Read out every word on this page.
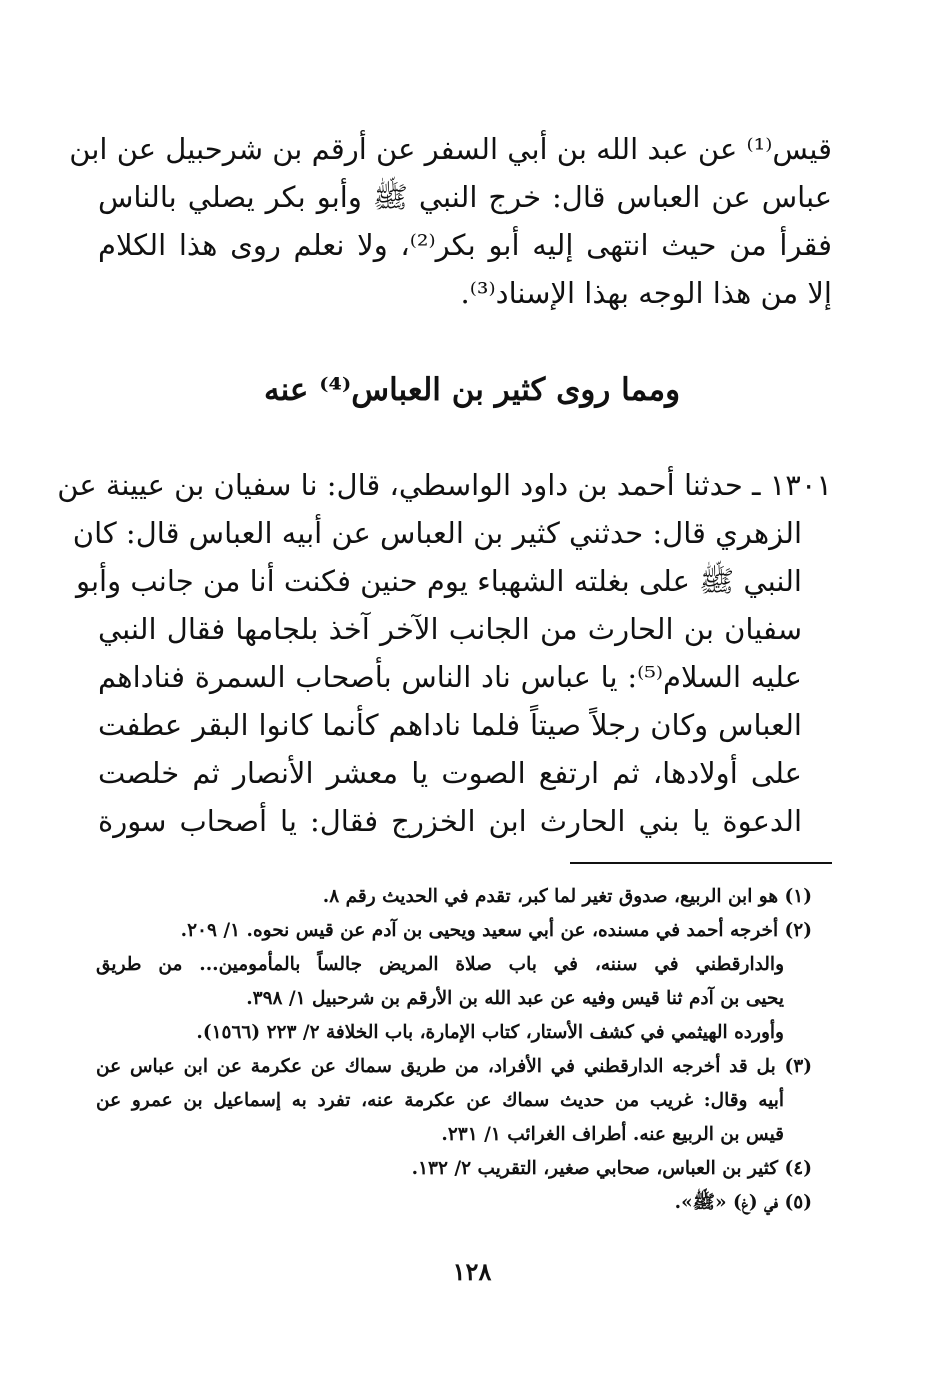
قيس⁽¹⁾ عن عبد الله بن أبي السفر عن أرقم بن شرحبيل عن ابن
عباس عن العباس قال: خرج النبي ﷺ وأبو بكر يصلي بالناس
فقرأ من حيث انتهى إليه أبو بكر⁽²⁾، ولا نعلم روى هذا الكلام
إلا من هذا الوجه بهذا الإسناد⁽³⁾.
ومما روى كثير بن العباس⁽⁴⁾ عنه
١٣٠١ ـ حدثنا أحمد بن داود الواسطي، قال: نا سفيان بن عيينة عن
الزهري قال: حدثني كثير بن العباس عن أبيه العباس قال: كان
النبي ﷺ على بغلته الشهباء يوم حنين فكنت أنا من جانب وأبو
سفيان بن الحارث من الجانب الآخر آخذ بلجامها فقال النبي
عليه السلام⁽⁵⁾: يا عباس ناد الناس بأصحاب السمرة فناداهم
العباس وكان رجلاً صيتاً فلما ناداهم كأنما كانوا البقر عطفت
على أولادها، ثم ارتفع الصوت يا معشر الأنصار ثم خلصت
الدعوة يا بني الحارث ابن الخزرج فقال: يا أصحاب سورة
(١) هو ابن الربيع، صدوق تغير لما كبر، تقدم في الحديث رقم ٨.
(٢) أخرجه أحمد في مسنده، عن أبي سعيد ويحيى بن آدم عن قيس نحوه. ١/ ٢٠٩.
والدارقطني في سننه، في باب صلاة المريض جالساً بالمأمومين... من طريق
يحيى بن آدم ثنا قيس وفيه عن عبد الله بن الأرقم بن شرحبيل ١/ ٣٩٨.
وأورده الهيثمي في كشف الأستار، كتاب الإمارة، باب الخلافة ٢/ ٢٢٣ (١٥٦٦).
(٣) بل قد أخرجه الدارقطني في الأفراد، من طريق سماك عن عكرمة عن ابن عباس عن
أبيه وقال: غريب من حديث سماك عن عكرمة عنه، تفرد به إسماعيل بن عمرو عن
قيس بن الربيع عنه. أطراف الغرائب ١/ ٢٣١.
(٤) كثير بن العباس، صحابي صغير، التقريب ٢/ ١٣٢.
(٥) في (غ) «ﷺ».
١٢٨
